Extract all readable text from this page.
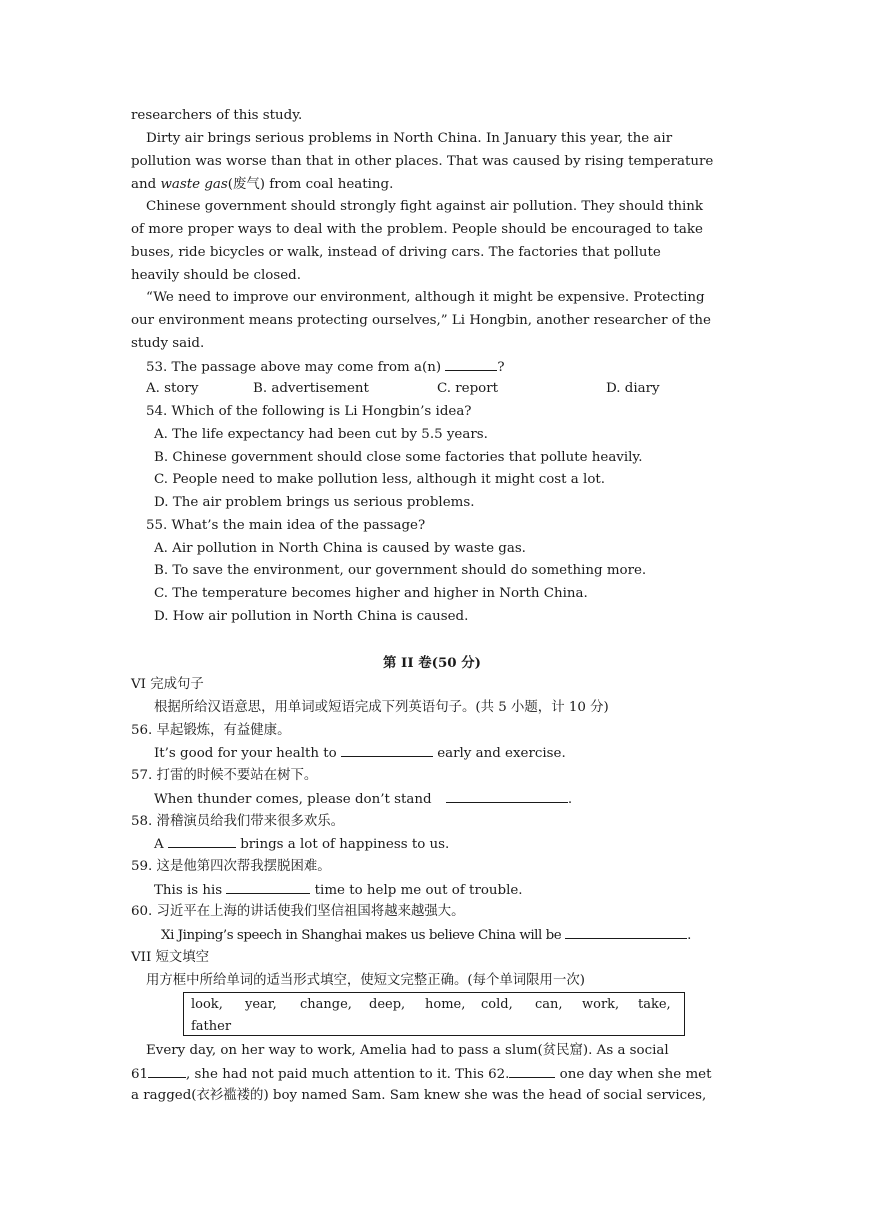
researchers of this study.
Dirty air brings serious problems in North China. In January this year, the air
pollution was worse than that in other places. That was caused by rising temperature
and waste gas(废气) from coal heating.
Chinese government should strongly fight against air pollution. They should think
of more proper ways to deal with the problem. People should be encouraged to take
buses, ride bicycles or walk, instead of driving cars. The factories that pollute
heavily should be closed.
“We need to improve our environment, although it might be expensive. Protecting
our environment means protecting ourselves,” Li Hongbin, another researcher of the
study said.
53. The passage above may come from a(n)	?
A. story	B. advertisement	C. report	D. diary
54. Which of the following is Li Hongbin’s idea?
A. The life expectancy had been cut by 5.5 years.
B. Chinese government should close some factories that pollute heavily.
C. People need to make pollution less, although it might cost a lot.
D. The air problem brings us serious problems.
55. What’s the main idea of the passage?
A. Air pollution in North China is caused by waste gas.
B. To save the environment, our government should do something more.
C. The temperature becomes higher and higher in North China.
D. How air pollution in North China is caused.
第 II 卷(50 分)
VI 完成句子
根据所给汉语意思，用单词或短语完成下列英语句子。(共 5 小题，计 10 分)
56. 早起锻炼，有益健康。
It’s good for your health to	early and exercise.
57. 打雷的时候不要站在树下。
When thunder comes, please don’t stand	.
58. 滑稽演员给我们带来很多欢乐。
A	brings a lot of happiness to us.
59. 这是他第四次帮我摆脱困难。
This is his	time to help me out of trouble.
60. 习近平在上海的讲话使我们坚信祖国将越来越强大。
Xi Jinping’s speech in Shanghai makes us believe China will be	.
VII 短文填空
用方框中所给单词的适当形式填空，使短文完整正确。(每个单词限用一次)
look, year, change, deep, home, cold, can, work, take,
father
Every day, on her way to work, Amelia had to pass a slum(贫民窟). As a social
61	, she had not paid much attention to it. This 62.	one day when she met
a ragged(衣衫褴褛的) boy named Sam. Sam knew she was the head of social services,
